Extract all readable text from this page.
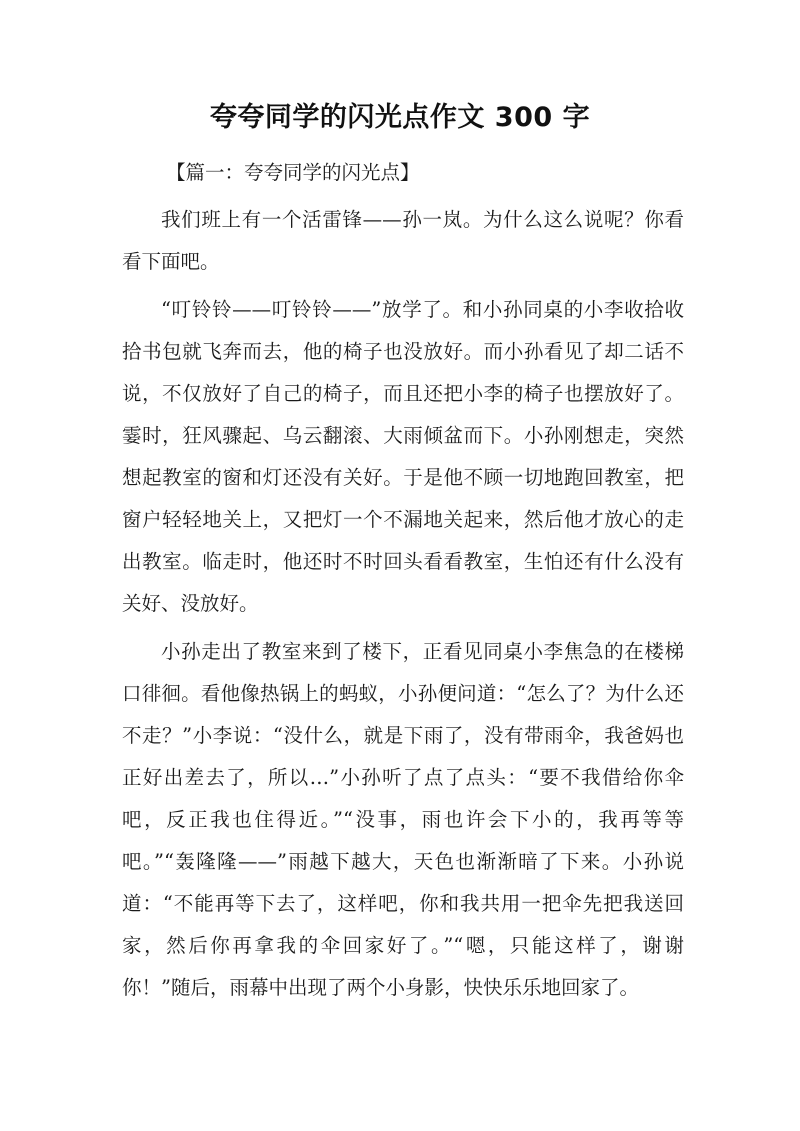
夸夸同学的闪光点作文 300 字

【篇一：夸夸同学的闪光点】

我们班上有一个活雷锋——孙一岚。为什么这么说呢？你看看下面吧。

“叮铃铃——叮铃铃——”放学了。和小孙同桌的小李收拾收拾书包就飞奔而去，他的椅子也没放好。而小孙看见了却二话不说，不仅放好了自己的椅子，而且还把小李的椅子也摆放好了。霎时，狂风骤起、乌云翻滚、大雨倾盆而下。小孙刚想走，突然想起教室的窗和灯还没有关好。于是他不顾一切地跑回教室，把窗户轻轻地关上，又把灯一个不漏地关起来，然后他才放心的走出教室。临走时，他还时不时回头看看教室，生怕还有什么没有关好、没放好。

小孙走出了教室来到了楼下，正看见同桌小李焦急的在楼梯口徘徊。看他像热锅上的蚂蚁，小孙便问道：“怎么了？为什么还不走？”小李说：“没什么，就是下雨了，没有带雨伞，我爸妈也正好出差去了，所以…”小孙听了点了点头：“要不我借给你伞吧，反正我也住得近。”“没事，雨也许会下小的，我再等等吧。”“轰隆隆——”雨越下越大，天色也渐渐暗了下来。小孙说道：“不能再等下去了，这样吧，你和我共用一把伞先把我送回家，然后你再拿我的伞回家好了。”“嗯，只能这样了，谢谢你！”随后，雨幕中出现了两个小身影，快快乐乐地回家了。
